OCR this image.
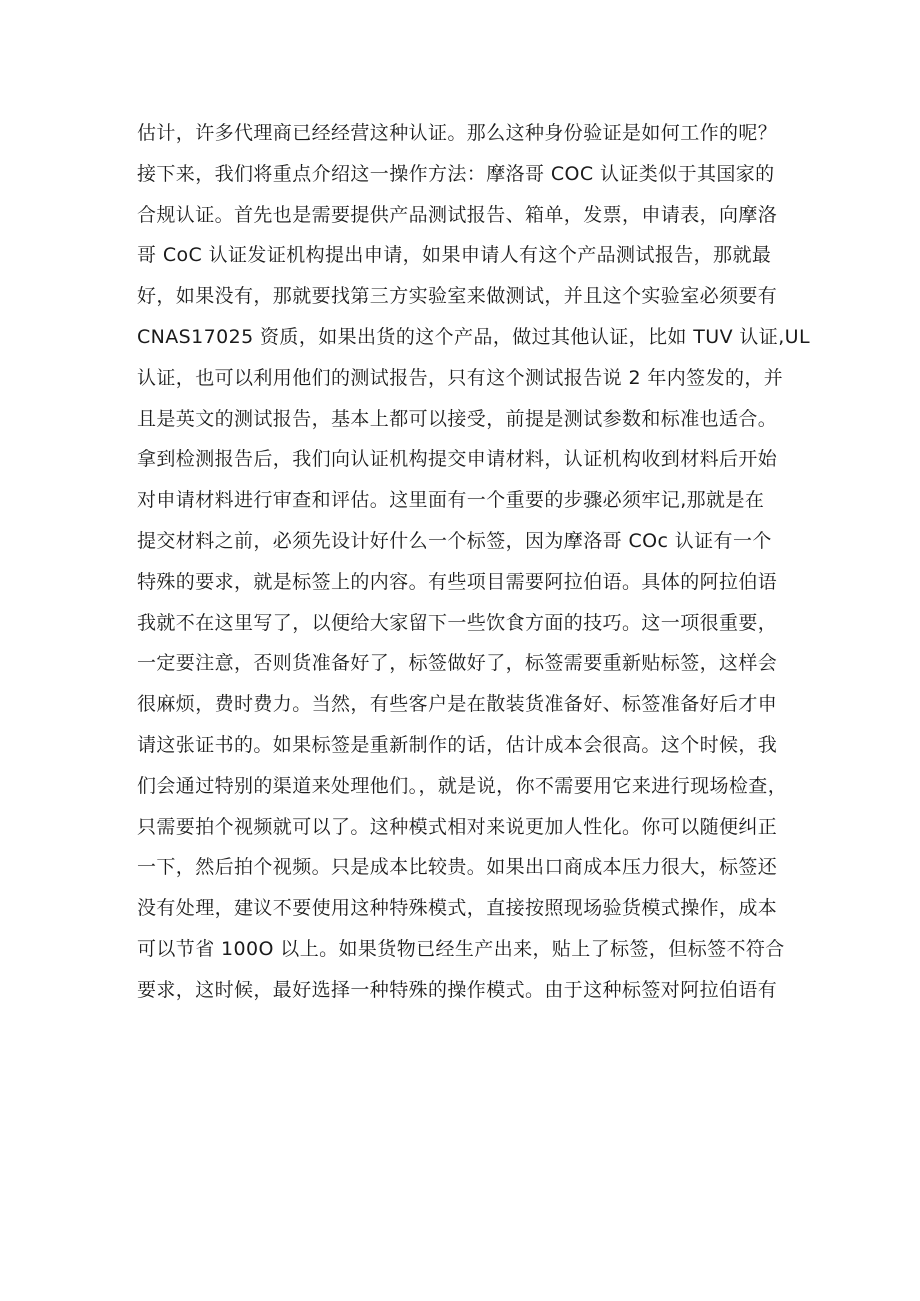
估计，许多代理商已经经营这种认证。那么这种身份验证是如何工作的呢？
接下来，我们将重点介绍这一操作方法：摩洛哥 COC 认证类似于其国家的
合规认证。首先也是需要提供产品测试报告、箱单，发票，申请表，向摩洛
哥 CoC 认证发证机构提出申请，如果申请人有这个产品测试报告，那就最
好，如果没有，那就要找第三方实验室来做测试，并且这个实验室必须要有
CNAS17025 资质，如果出货的这个产品，做过其他认证，比如 TUV 认证,UL
认证，也可以利用他们的测试报告，只有这个测试报告说 2 年内签发的，并
且是英文的测试报告，基本上都可以接受，前提是测试参数和标准也适合。
拿到检测报告后，我们向认证机构提交申请材料，认证机构收到材料后开始
对申请材料进行审查和评估。这里面有一个重要的步骤必须牢记,那就是在
提交材料之前，必须先设计好什么一个标签，因为摩洛哥 COc 认证有一个
特殊的要求，就是标签上的内容。有些项目需要阿拉伯语。具体的阿拉伯语
我就不在这里写了，以便给大家留下一些饮食方面的技巧。这一项很重要，
一定要注意，否则货准备好了，标签做好了，标签需要重新贴标签，这样会
很麻烦，费时费力。当然，有些客户是在散装货准备好、标签准备好后才申
请这张证书的。如果标签是重新制作的话，估计成本会很高。这个时候，我
们会通过特别的渠道来处理他们。，就是说，你不需要用它来进行现场检查，
只需要拍个视频就可以了。这种模式相对来说更加人性化。你可以随便纠正
一下，然后拍个视频。只是成本比较贵。如果出口商成本压力很大，标签还
没有处理，建议不要使用这种特殊模式，直接按照现场验货模式操作，成本
可以节省 100O 以上。如果货物已经生产出来，贴上了标签，但标签不符合
要求，这时候，最好选择一种特殊的操作模式。由于这种标签对阿拉伯语有
